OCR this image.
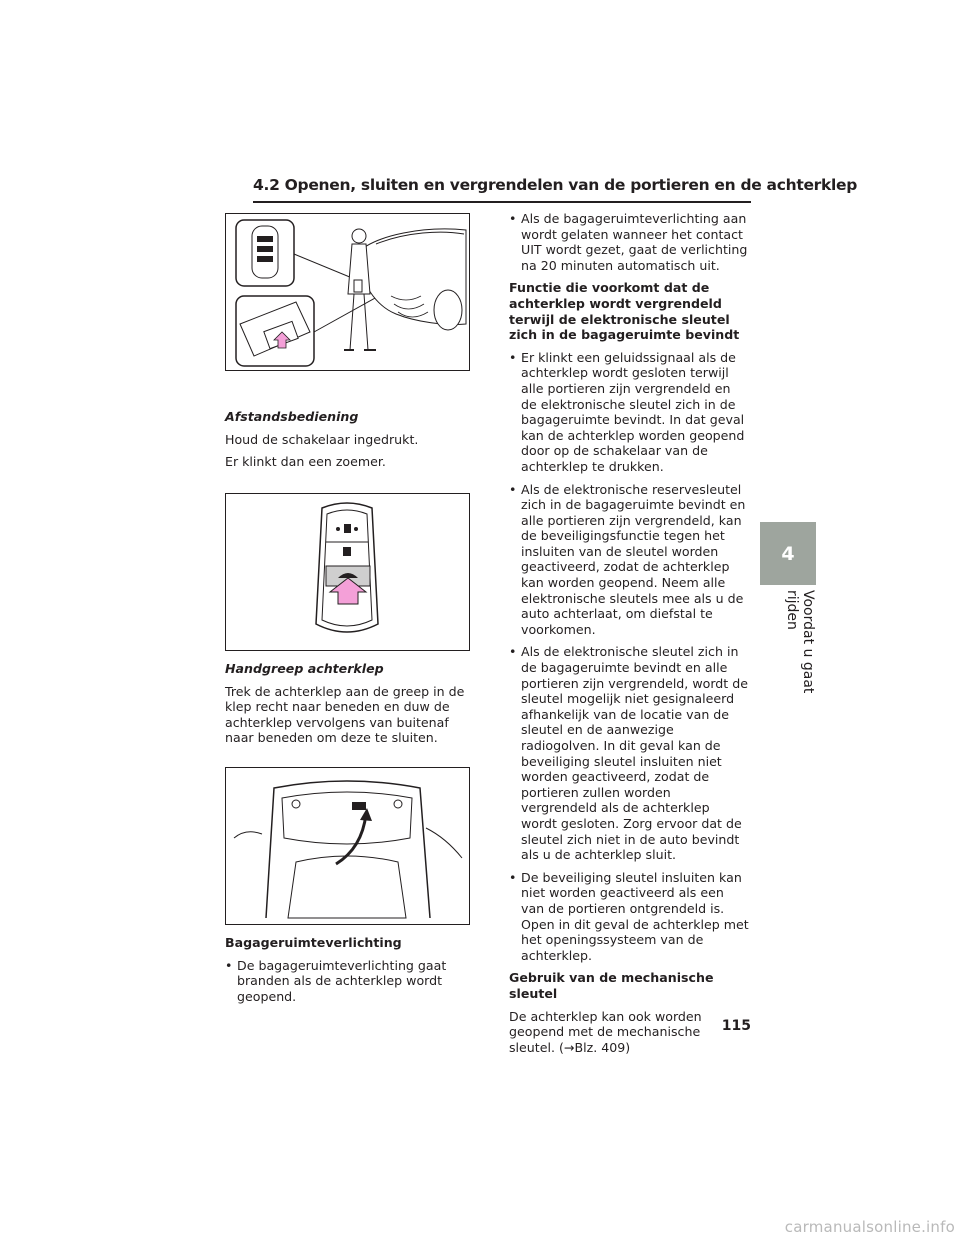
4.2 Openen, sluiten en vergrendelen van de portieren en de achterklep
4
Voordat u gaat rijden

Afstandsbediening

Houd de schakelaar ingedrukt.

Er klinkt dan een zoemer.

Handgreep achterklep

Trek de achterklep aan de greep in de klep recht naar beneden en duw de achterklep vervolgens van buitenaf naar beneden om deze te sluiten.

Bagageruimteverlichting

• De bagageruimteverlichting gaat branden als de achterklep wordt geopend.

• Als de bagageruimteverlichting aan wordt gelaten wanneer het contact UIT wordt gezet, gaat de verlichting na 20 minuten automatisch uit.

Functie die voorkomt dat de achterklep wordt vergrendeld terwijl de elektronische sleutel zich in de bagageruimte bevindt

• Er klinkt een geluidssignaal als de achterklep wordt gesloten terwijl alle portieren zijn vergrendeld en de elektronische sleutel zich in de bagageruimte bevindt. In dat geval kan de achterklep worden geopend door op de schakelaar van de achterklep te drukken.

• Als de elektronische reservesleutel zich in de bagageruimte bevindt en alle portieren zijn vergrendeld, kan de beveiligingsfunctie tegen het insluiten van de sleutel worden geactiveerd, zodat de achterklep kan worden geopend. Neem alle elektronische sleutels mee als u de auto achterlaat, om diefstal te voorkomen.

• Als de elektronische sleutel zich in de bagageruimte bevindt en alle portieren zijn vergrendeld, wordt de sleutel mogelijk niet gesignaleerd afhankelijk van de locatie van de sleutel en de aanwezige radiogolven. In dit geval kan de beveiliging sleutel insluiten niet worden geactiveerd, zodat de portieren zullen worden vergrendeld als de achterklep wordt gesloten. Zorg ervoor dat de sleutel zich niet in de auto bevindt als u de achterklep sluit.

• De beveiliging sleutel insluiten kan niet worden geactiveerd als een van de portieren ontgrendeld is. Open in dit geval de achterklep met het openingssysteem van de achterklep.

Gebruik van de mechanische sleutel

De achterklep kan ook worden geopend met de mechanische sleutel. (→Blz. 409)

115
carmanualsonline.info
